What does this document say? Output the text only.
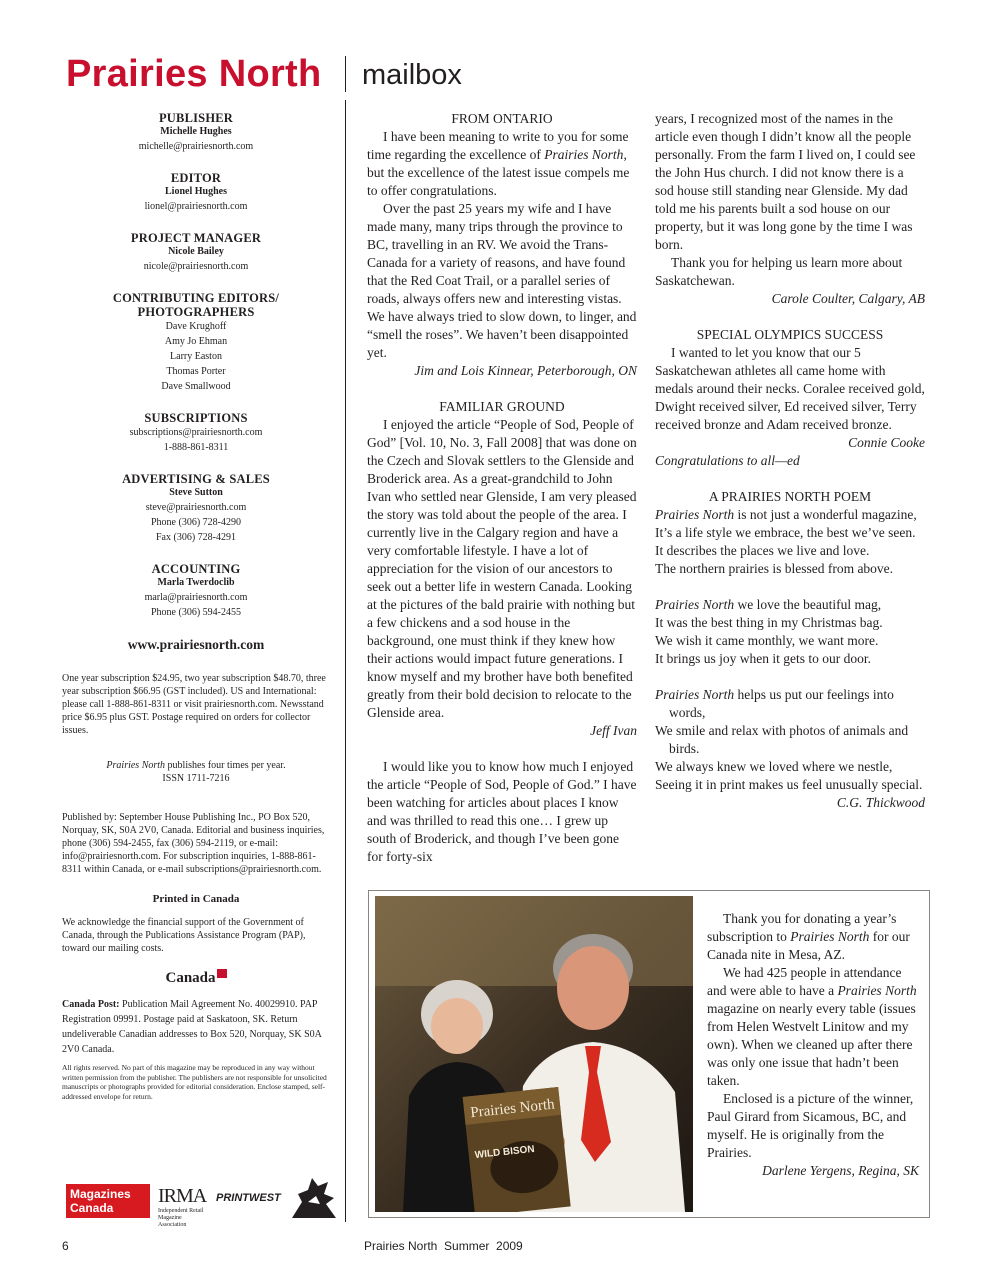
Prairies North	mailbox
PUBLISHER
Michelle Hughes
michelle@prairiesnorth.com
EDITOR
Lionel Hughes
lionel@prairiesnorth.com
PROJECT MANAGER
Nicole Bailey
nicole@prairiesnorth.com
CONTRIBUTING EDITORS/
PHOTOGRAPHERS
Dave Krughoff
Amy Jo Ehman
Larry Easton
Thomas Porter
Dave Smallwood
SUBSCRIPTIONS
subscriptions@prairiesnorth.com
1-888-861-8311
ADVERTISING & SALES
Steve Sutton
steve@prairiesnorth.com
Phone (306) 728-4290
Fax (306) 728-4291
ACCOUNTING
Marla Twerdoclib
marla@prairiesnorth.com
Phone (306) 594-2455
www.prairiesnorth.com

One year subscription $24.95, two year subscription $48.70, three year subscription $66.95 (GST included). US and International: please call 1-888-861-8311 or visit prairiesnorth.com. Newsstand price $6.95 plus GST. Postage required on orders for collector issues.

Prairies North publishes four times per year.

ISSN 1711-7216

Published by: September House Publishing Inc., PO Box 520, Norquay, SK, S0A 2V0, Canada. Editorial and business inquiries, phone (306) 594-2455, fax (306) 594-2119, or e-mail: info@prairiesnorth.com. For subscription inquiries, 1-888-861-8311 within Canada, or e-mail subscriptions@prairiesnorth.com.

Printed in Canada

We acknowledge the financial support of the Government of Canada, through the Publications Assistance Program (PAP), toward our mailing costs.

Canada

Canada Post: Publication Mail Agreement No. 40029910. PAP Registration 09991. Postage paid at Saskatoon, SK. Return undeliverable Canadian addresses to Box 520, Norquay, SK S0A 2V0 Canada.

All rights reserved. No part of this magazine may be reproduced in any way without written permission from the publisher. The publishers are not responsible for unsolicited manuscripts or photographs provided for editorial consideration. Enclose stamped, self-addressed envelope for return.

Magazines
Canada
IRMA
Independent Retail Magazine Association
PRINTWEST

FROM ONTARIO

I have been meaning to write to you for some time regarding the excellence of Prairies North, but the excellence of the latest issue compels me to offer congratulations.

Over the past 25 years my wife and I have made many, many trips through the province to BC, travelling in an RV. We avoid the Trans-Canada for a variety of reasons, and have found that the Red Coat Trail, or a parallel series of roads, always offers new and interesting vistas. We have always tried to slow down, to linger, and “smell the roses”. We haven’t been disappointed yet.

Jim and Lois Kinnear, Peterborough, ON

FAMILIAR GROUND

I enjoyed the article “People of Sod, People of God” [Vol. 10, No. 3, Fall 2008] that was done on the Czech and Slovak settlers to the Glenside and Broderick area. As a great-grandchild to John Ivan who settled near Glenside, I am very pleased the story was told about the people of the area. I currently live in the Calgary region and have a very comfortable lifestyle. I have a lot of appreciation for the vision of our ancestors to seek out a better life in western Canada. Looking at the pictures of the bald prairie with nothing but a few chickens and a sod house in the background, one must think if they knew how their actions would impact future generations. I know myself and my brother have both benefited greatly from their bold decision to relocate to the Glenside area.

Jeff Ivan

I would like you to know how much I enjoyed the article “People of Sod, People of God.” I have been watching for articles about places I know and was thrilled to read this one… I grew up south of Broderick, and though I’ve been gone for forty-six

years, I recognized most of the names in the article even though I didn’t know all the people personally. From the farm I lived on, I could see the John Hus church. I did not know there is a sod house still standing near Glenside. My dad told me his parents built a sod house on our property, but it was long gone by the time I was born.

Thank you for helping us learn more about Saskatchewan.

Carole Coulter, Calgary, AB

SPECIAL OLYMPICS SUCCESS

I wanted to let you know that our 5 Saskatchewan athletes all came home with medals around their necks. Coralee received gold, Dwight received silver, Ed received silver, Terry received bronze and Adam received bronze.

Connie Cooke

Congratulations to all—ed

A PRAIRIES NORTH POEM

Prairies North is not just a wonderful magazine,

It’s a life style we embrace, the best we’ve seen.

It describes the places we live and love.

The northern prairies is blessed from above.

Prairies North we love the beautiful mag,

It was the best thing in my Christmas bag.

We wish it came monthly, we want more.

It brings us joy when it gets to our door.

Prairies North helps us put our feelings into words,

We smile and relax with photos of animals and birds.

We always knew we loved where we nestle,

Seeing it in print makes us feel unusually special.

C.G. Thickwood

Prairies North
WILD BISON

Thank you for donating a year’s subscription to Prairies North for our Canada nite in Mesa, AZ.

We had 425 people in attendance and were able to have a Prairies North magazine on nearly every table (issues from Helen Westvelt Linitow and my own). When we cleaned up after there was only one issue that hadn’t been taken.

Enclosed is a picture of the winner, Paul Girard from Sicamous, BC, and myself. He is originally from the Prairies.

Darlene Yergens, Regina, SK

6	Prairies North  Summer  2009
